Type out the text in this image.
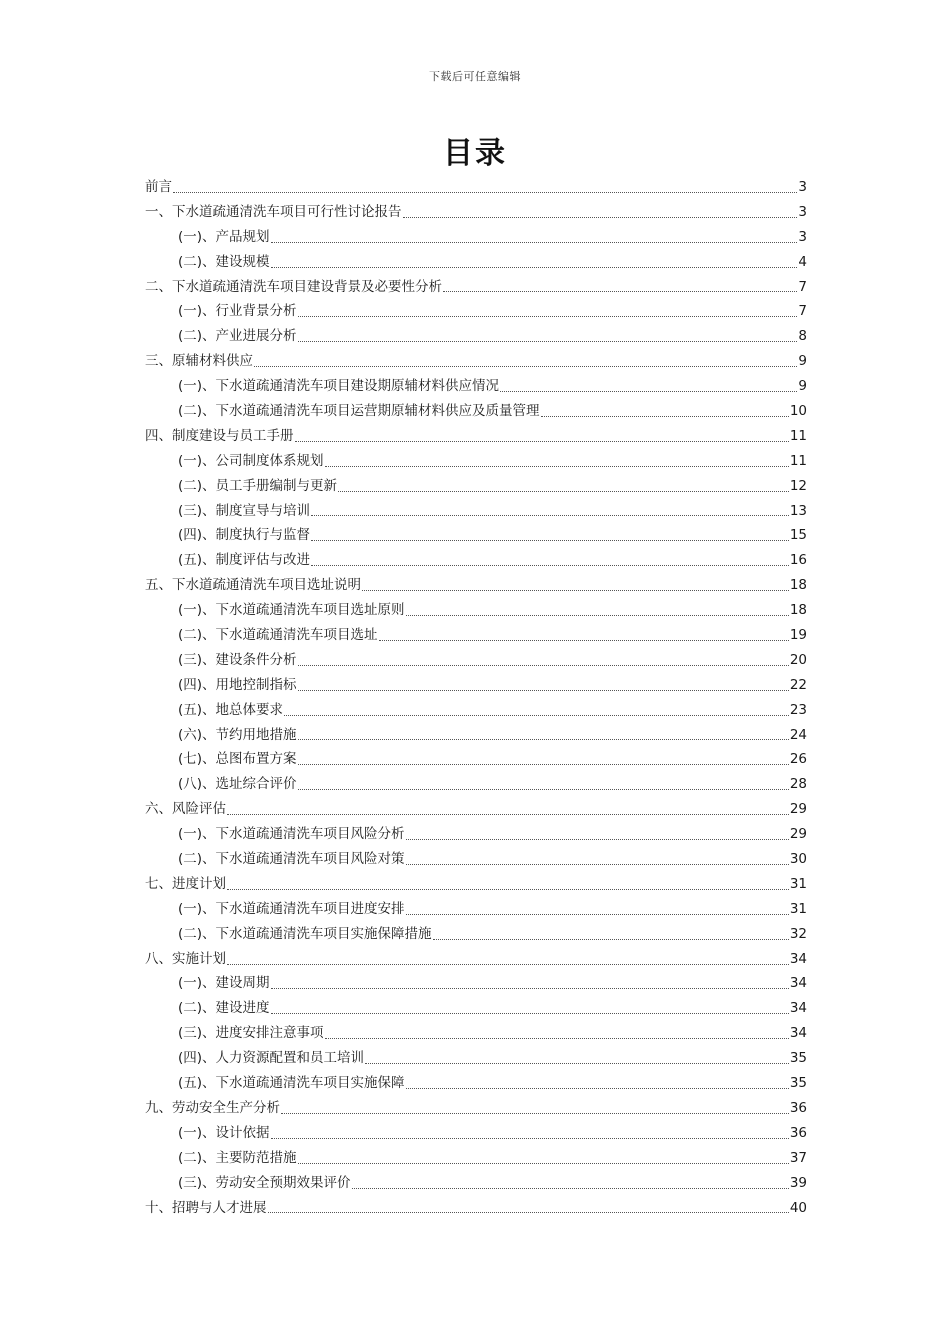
下载后可任意编辑
目录
前言	3
一、下水道疏通清洗车项目可行性讨论报告	3
(一)、产品规划	3
(二)、建设规模	4
二、下水道疏通清洗车项目建设背景及必要性分析	7
(一)、行业背景分析	7
(二)、产业进展分析	8
三、原辅材料供应	9
(一)、下水道疏通清洗车项目建设期原辅材料供应情况	9
(二)、下水道疏通清洗车项目运营期原辅材料供应及质量管理	10
四、制度建设与员工手册	11
(一)、公司制度体系规划	11
(二)、员工手册编制与更新	12
(三)、制度宣导与培训	13
(四)、制度执行与监督	15
(五)、制度评估与改进	16
五、下水道疏通清洗车项目选址说明	18
(一)、下水道疏通清洗车项目选址原则	18
(二)、下水道疏通清洗车项目选址	19
(三)、建设条件分析	20
(四)、用地控制指标	22
(五)、地总体要求	23
(六)、节约用地措施	24
(七)、总图布置方案	26
(八)、选址综合评价	28
六、风险评估	29
(一)、下水道疏通清洗车项目风险分析	29
(二)、下水道疏通清洗车项目风险对策	30
七、进度计划	31
(一)、下水道疏通清洗车项目进度安排	31
(二)、下水道疏通清洗车项目实施保障措施	32
八、实施计划	34
(一)、建设周期	34
(二)、建设进度	34
(三)、进度安排注意事项	34
(四)、人力资源配置和员工培训	35
(五)、下水道疏通清洗车项目实施保障	35
九、劳动安全生产分析	36
(一)、设计依据	36
(二)、主要防范措施	37
(三)、劳动安全预期效果评价	39
十、招聘与人才进展	40
